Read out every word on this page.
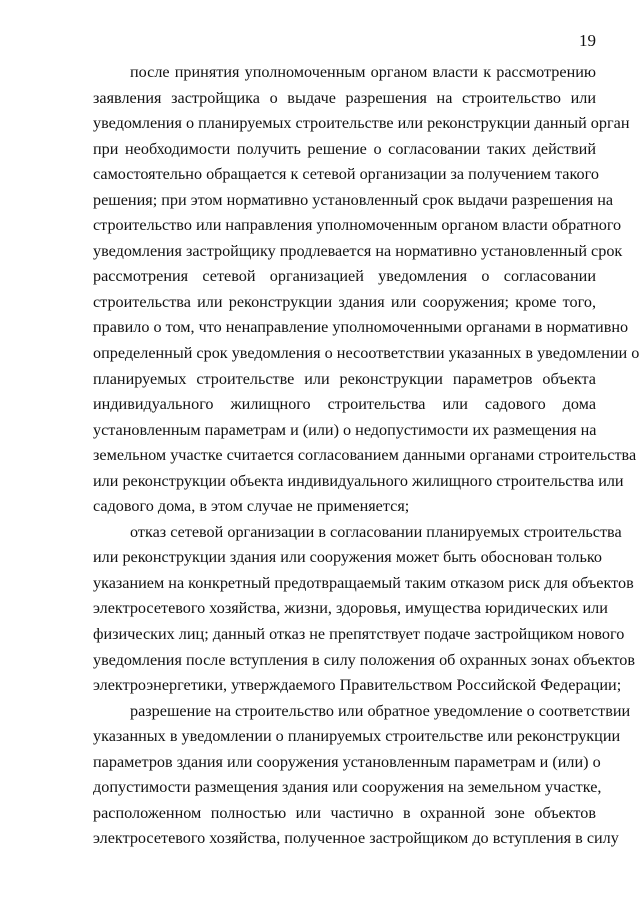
19
после принятия уполномоченным органом власти к рассмотрению
заявления застройщика о выдаче разрешения на строительство или
уведомления о планируемых строительстве или реконструкции данный орган
при необходимости получить решение о согласовании таких действий
самостоятельно обращается к сетевой организации за получением такого
решения; при этом нормативно установленный срок выдачи разрешения на
строительство или направления уполномоченным органом власти обратного
уведомления застройщику продлевается на нормативно установленный срок
рассмотрения сетевой организацией уведомления о согласовании
строительства или реконструкции здания или сооружения; кроме того,
правило о том, что ненаправление уполномоченными органами в нормативно
определенный срок уведомления о несоответствии указанных в уведомлении о
планируемых строительстве или реконструкции параметров объекта
индивидуального жилищного строительства или садового дома
установленным параметрам и (или) о недопустимости их размещения на
земельном участке считается согласованием данными органами строительства
или реконструкции объекта индивидуального жилищного строительства или
садового дома, в этом случае не применяется;
отказ сетевой организации в согласовании планируемых строительства
или реконструкции здания или сооружения может быть обоснован только
указанием на конкретный предотвращаемый таким отказом риск для объектов
электросетевого хозяйства, жизни, здоровья, имущества юридических или
физических лиц; данный отказ не препятствует подаче застройщиком нового
уведомления после вступления в силу положения об охранных зонах объектов
электроэнергетики, утверждаемого Правительством Российской Федерации;
разрешение на строительство или обратное уведомление о соответствии
указанных в уведомлении о планируемых строительстве или реконструкции
параметров здания или сооружения установленным параметрам и (или) о
допустимости размещения здания или сооружения на земельном участке,
расположенном полностью или частично в охранной зоне объектов
электросетевого хозяйства, полученное застройщиком до вступления в силу
